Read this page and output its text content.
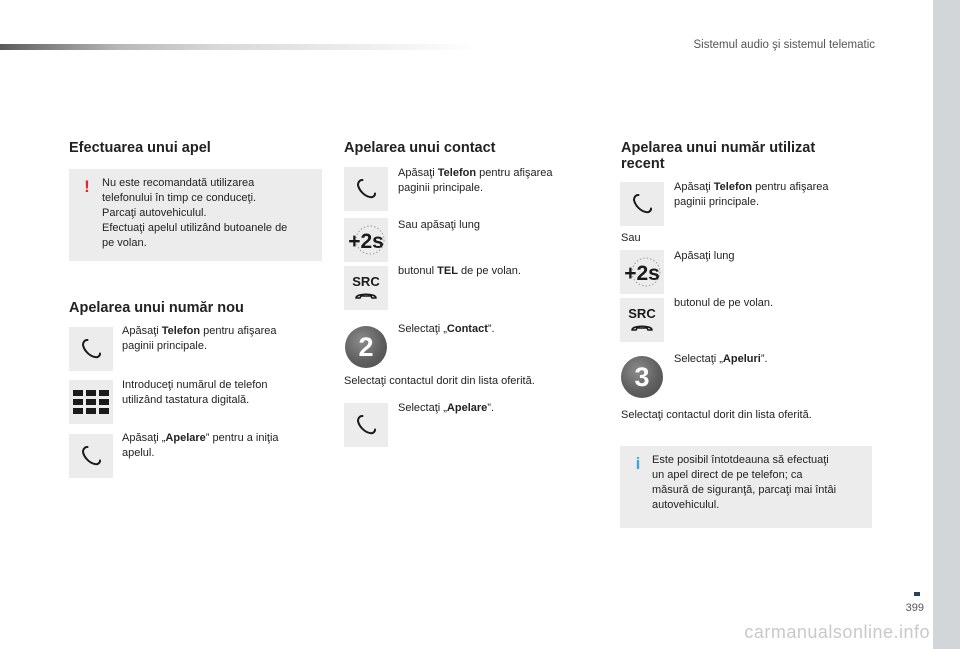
Sistemul audio şi sistemul telematic
399
carmanualsonline.info
Efectuarea unui apel
! Nu este recomandată utilizarea
telefonului în timp ce conduceţi.
Parcaţi autovehiculul.
Efectuaţi apelul utilizând butoanele de
pe volan.
Apelarea unui număr nou
Apăsaţi Telefon pentru afişarea
paginii principale.
Introduceţi numărul de telefon
utilizând tastatura digitală.
Apăsaţi „Apelare” pentru a iniţia
apelul.
Apelarea unui contact
Apăsaţi Telefon pentru afişarea
paginii principale.
+2s
Sau apăsaţi lung
SRC
butonul TEL de pe volan.
2
Selectaţi „Contact”.
Selectaţi contactul dorit din lista oferită.
Selectaţi „Apelare”.
Apelarea unui număr utilizat
recent
Apăsaţi Telefon pentru afişarea
paginii principale.
Sau
+2s
Apăsaţi lung
SRC
butonul de pe volan.
3
Selectaţi „Apeluri”.
Selectaţi contactul dorit din lista oferită.
i Este posibil întotdeauna să efectuaţi
un apel direct de pe telefon; ca
măsură de siguranţă, parcaţi mai întâi
autovehiculul.
